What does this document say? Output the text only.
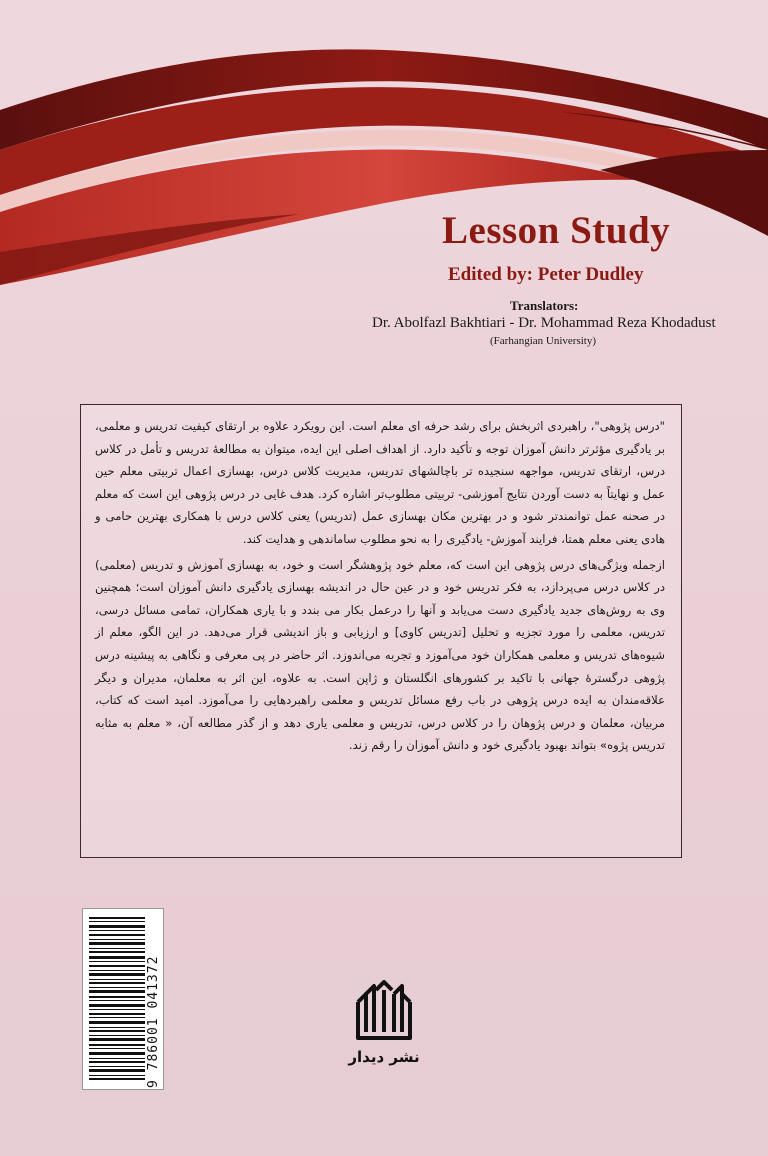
Lesson Study
Edited by: Peter Dudley
Translators:
Dr. Abolfazl Bakhtiari - Dr. Mohammad Reza Khodadust
(Farhangian University)

"درس پژوهی"، راهبردی اثربخش برای رشد حرفه ای معلم است. این رویکرد علاوه بر ارتقای کیفیت تدریس و معلمی، بر یادگیری مؤثرتر دانش آموزان توجه و تأکید دارد. از اهداف اصلی این ایده، میتوان به مطالعۀ تدریس و تأمل در کلاس درس، ارتقای تدریس، مواجهه سنجیده تر باچالشهای تدریس، مدیریت کلاس درس، بهسازی اعمال تربیتی معلم حین عمل و نهایتاً به دست آوردن نتایج آموزشی- تربیتی مطلوب‌تر اشاره کرد. هدف غایی در درس پژوهی این است که معلم در صحنه عمل توانمندتر شود و در بهترین مکان بهسازی عمل (تدریس) یعنی کلاس درس با همکاری بهترین حامی و هادی یعنی معلم همتا، فرایند آموزش- یادگیری را به نحو مطلوب ساماندهی و هدایت کند.

ازجمله ویژگی‌های درس پژوهی این است که، معلم خود پژوهشگر است و خود، به بهسازی آموزش و تدریس (معلمی) در کلاس درس می‌پردازد، به فکر تدریس خود و در عین حال در اندیشه بهسازی یادگیری دانش آموزان است؛ همچنین وی به روش‌های جدید یادگیری دست می‌یابد و آنها را درعمل بکار می بندد و با یاری همکاران، تمامی مسائل درسی، تدریس، معلمی را مورد تجزیه و تحلیل [تدریس کاوی] و ارزیابی و باز اندیشی قرار می‌دهد. در این الگو، معلم از شیوه‌های تدریس و معلمی همکاران خود می‌آموزد و تجربه می‌اندوزد. اثر حاضر در پی معرفی و نگاهی به پیشینه درس پژوهی درگسترۀ جهانی با تاکید بر کشورهای انگلستان و ژاپن است. به علاوه، این اثر به معلمان، مدیران و دیگر علاقه‌مندان به ایده درس پژوهی در باب رفع مسائل تدریس و معلمی راهبردهایی را می‌آموزد. امید است که کتاب، مربیان، معلمان و درس پژوهان را در کلاس درس، تدریس و معلمی یاری دهد و از گذر مطالعه آن، « معلم به مثابه تدریس پژوه» بتواند بهبود یادگیری خود و دانش آموزان را رقم زند.

9 786001 041372	نشر دیدار
